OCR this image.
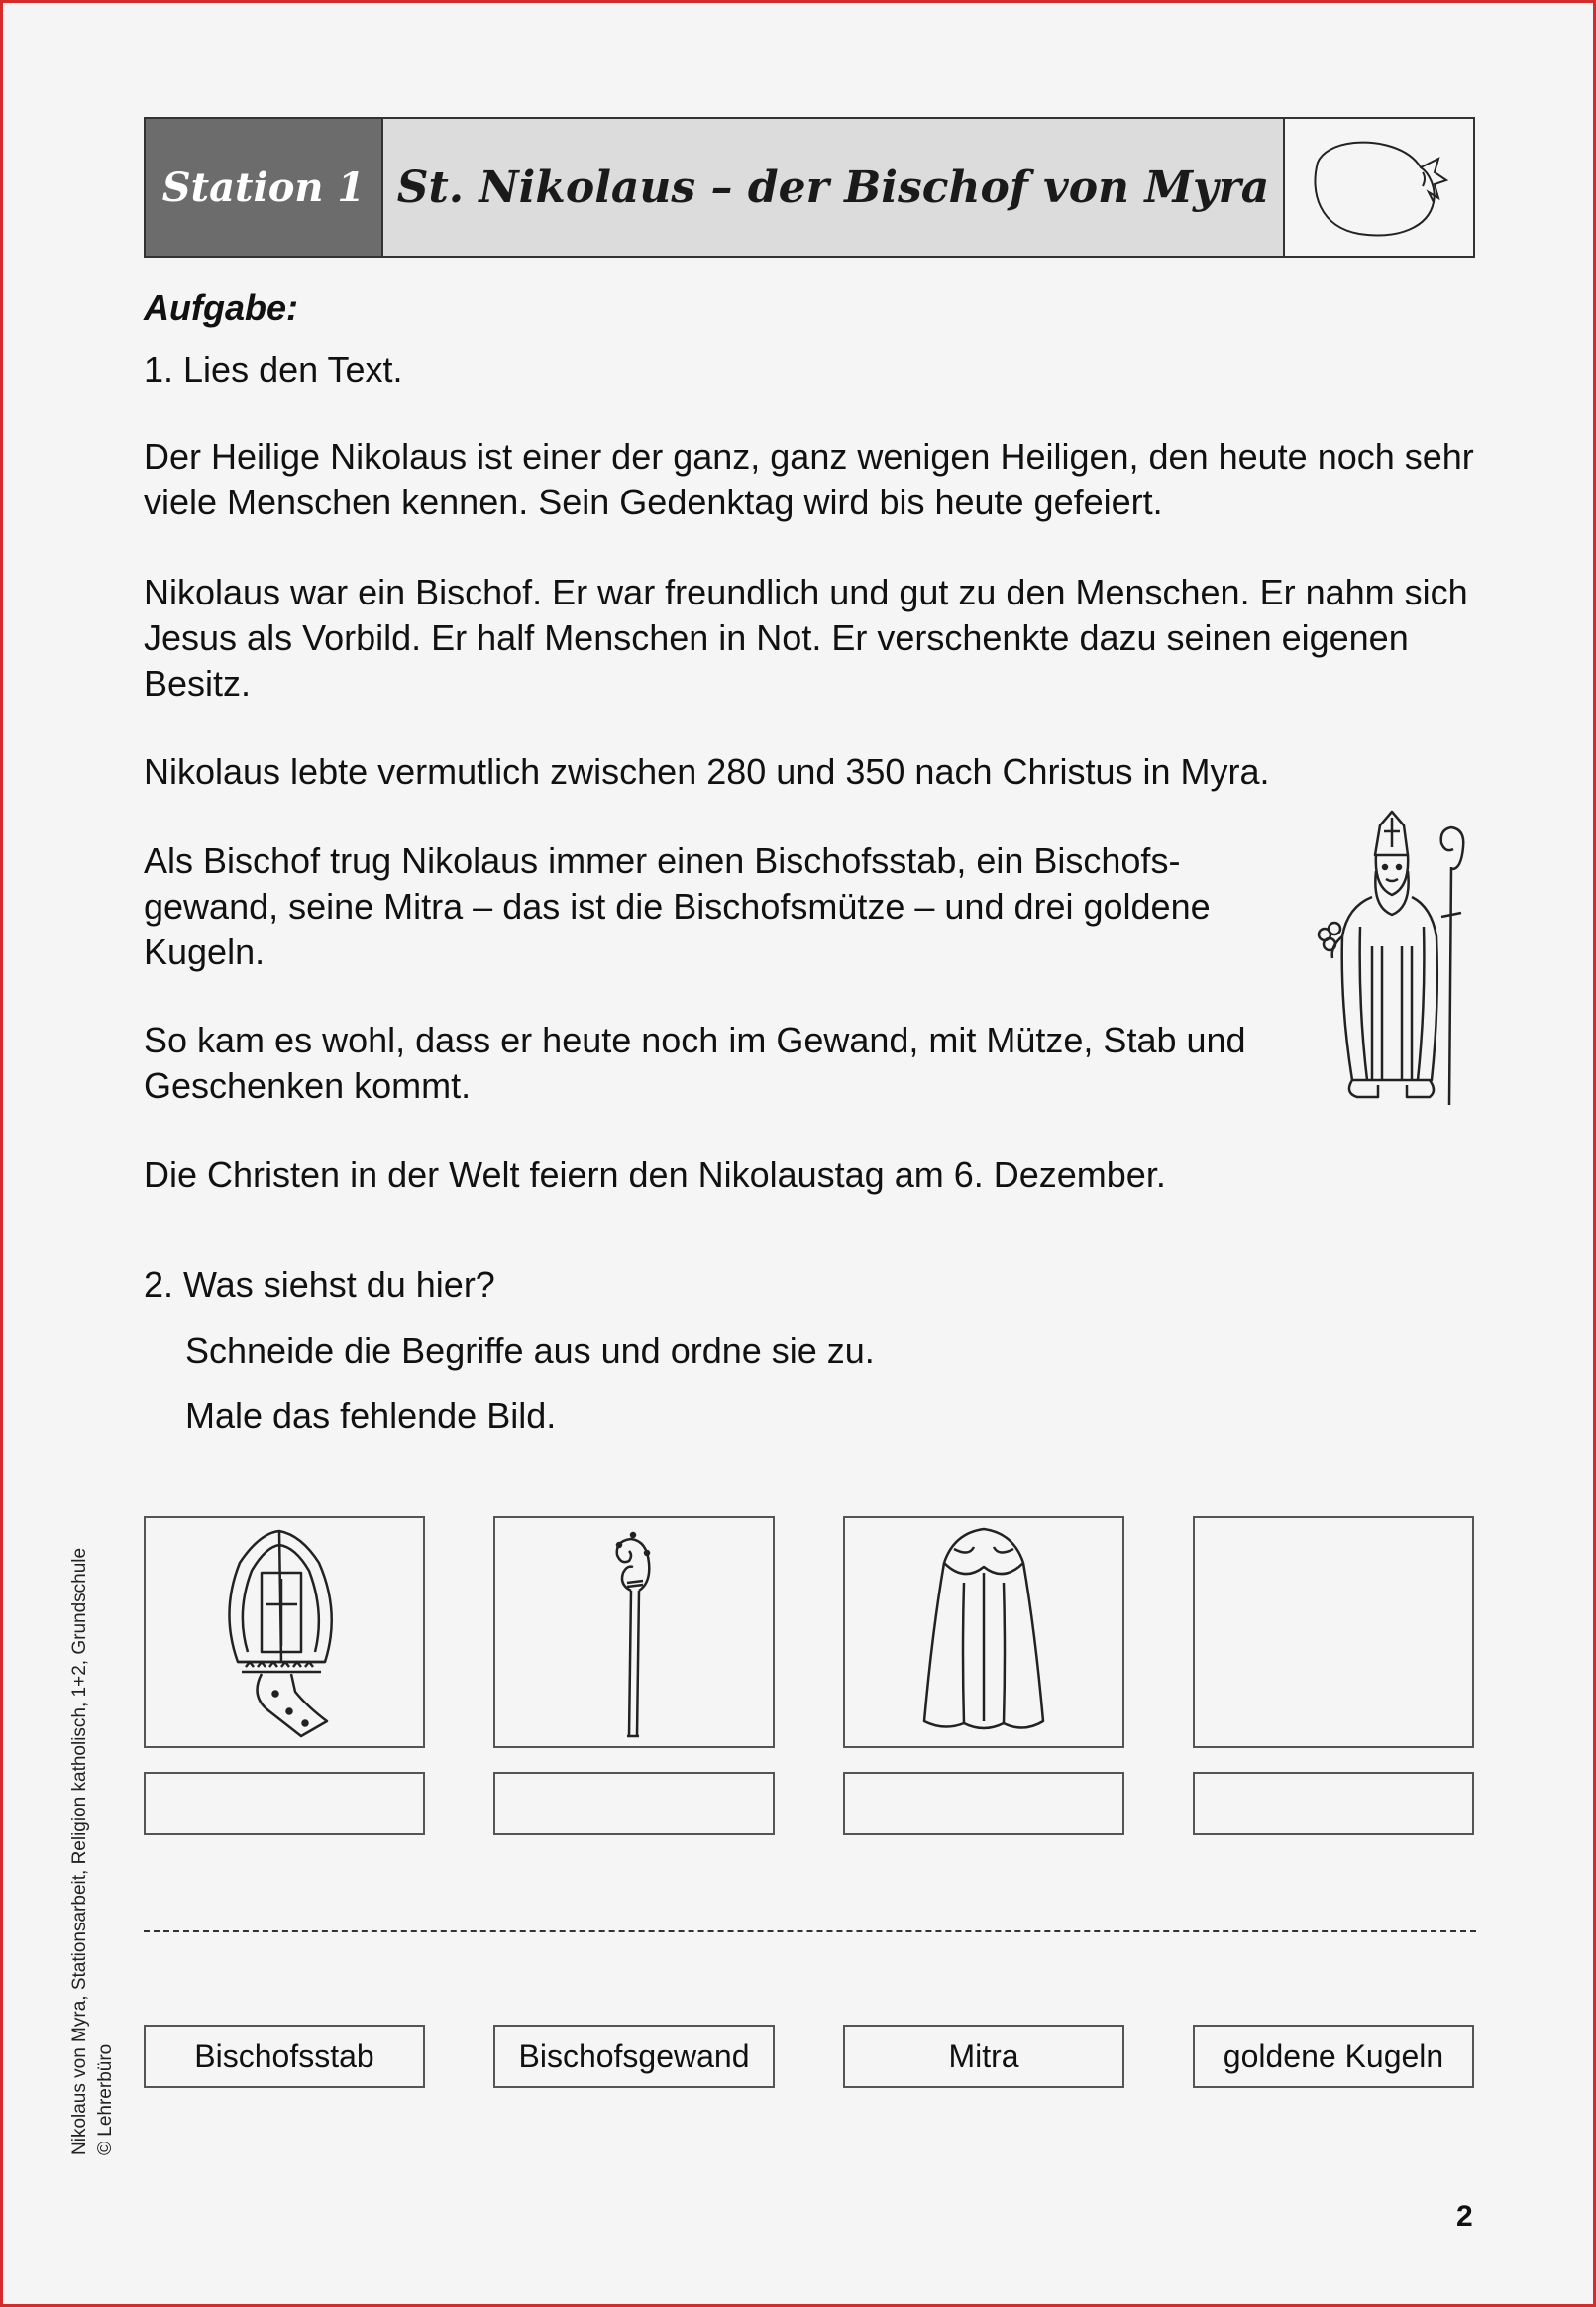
Station 1 St. Nikolaus – der Bischof von Myra
Aufgabe:
1. Lies den Text.

Der Heilige Nikolaus ist einer der ganz, ganz wenigen Heiligen, den heute noch sehr viele Menschen kennen. Sein Gedenktag wird bis heute gefeiert.

Nikolaus war ein Bischof. Er war freundlich und gut zu den Menschen. Er nahm sich Jesus als Vorbild. Er half Menschen in Not. Er verschenkte dazu seinen eigenen Besitz.

Nikolaus lebte vermutlich zwischen 280 und 350 nach Christus in Myra.

Als Bischof trug Nikolaus immer einen Bischofsstab, ein Bischofs-gewand, seine Mitra – das ist die Bischofsmütze – und drei goldene Kugeln.

So kam es wohl, dass er heute noch im Gewand, mit Mütze, Stab und Geschenken kommt.

Die Christen in der Welt feiern den Nikolaustag am 6. Dezember.

2. Was siehst du hier?
Schneide die Begriffe aus und ordne sie zu.
Male das fehlende Bild.
Bischofsstab	Bischofsgewand	Mitra	goldene Kugeln
Nikolaus von Myra, Stationsarbeit, Religion katholisch, 1+2, Grundschule © Lehrerbüro
2
